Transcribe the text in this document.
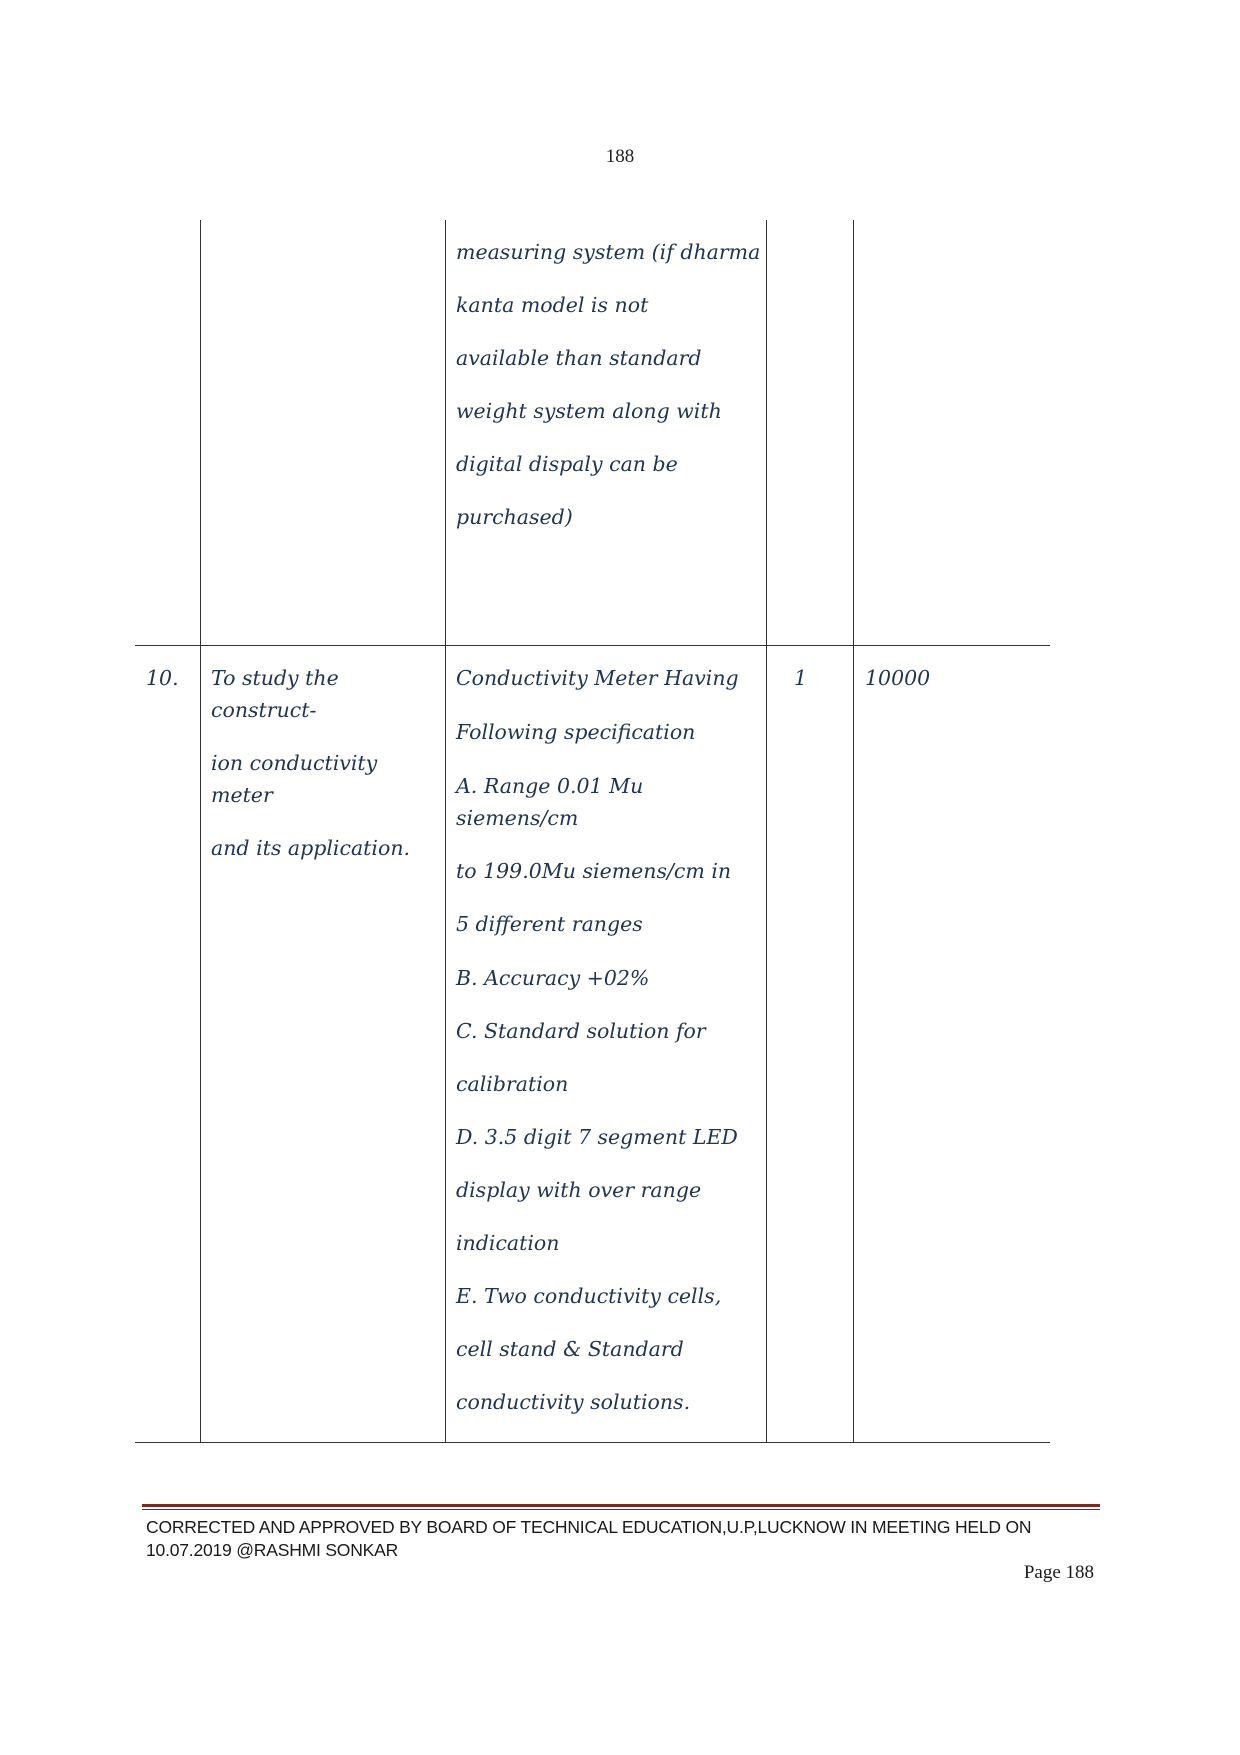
188
measuring system (if dharma
kanta model is not
available than standard
weight system along with
digital dispaly can be
purchased)
10. To study the
construct-
ion conductivity
meter
and its application.
Conductivity Meter Having
Following specification
A. Range 0.01 Mu
siemens/cm
to 199.0Mu siemens/cm in
5 different ranges
B. Accuracy +02%
C. Standard solution for
calibration
D. 3.5 digit 7 segment LED
display with over range
indication
E. Two conductivity cells,
cell stand & Standard
conductivity solutions.
1	10000
CORRECTED AND APPROVED BY BOARD OF TECHNICAL EDUCATION,U.P,LUCKNOW IN MEETING HELD ON
10.07.2019 @RASHMI SONKAR
Page 188
